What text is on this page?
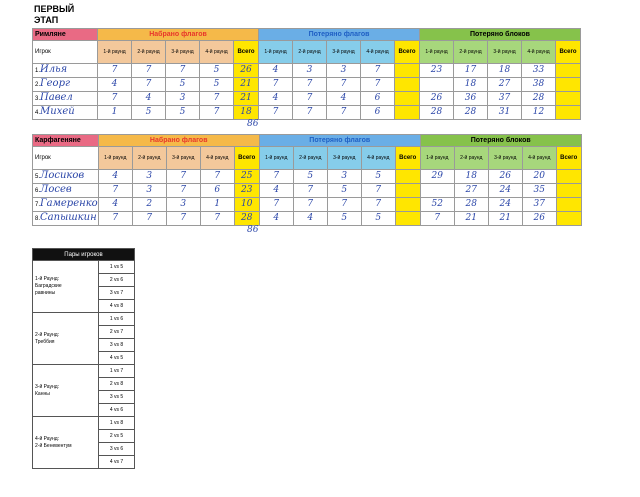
ПЕРВЫЙ
ЭТАП
Римляне	Набрано флагов					Потеряно флагов					Потеряно блоков				
Игрок	1-й раунд	2-й раунд	3-й раунд	4-й раунд	Всего	1-й раунд	2-й раунд	3-й раунд	4-й раунд	Всего	1-й раунд	2-й раунд	3-й раунд	4-й раунд	Всего
1.Илья	7	7	7	5	26	4	3	3	7		23	17	18	33	
2.Георг	4	7	5	5	21	7	7	7	7			18	27	38	
3.Павел	7	4	3	7	21	4	7	4	6		26	36	37	28	
4.Михей	1	5	5	7	18	7	7	7	6		28	28	31	12	
86
Карфагеняне	Набрано флагов					Потеряно флагов					Потеряно блоков				
Игрок	1-й раунд	2-й раунд	3-й раунд	4-й раунд	Всего	1-й раунд	2-й раунд	3-й раунд	4-й раунд	Всего	1-й раунд	2-й раунд	3-й раунд	4-й раунд	Всего
5.Лосиков	4	3	7	7	25	7	5	3	5		29	18	26	20	
6.Лосев	7	3	7	6	23	4	7	5	7			27	24	35	
7.Гамеренко	4	2	3	1	10	7	7	7	7		52	28	24	37	
8.Сапышкин	7	7	7	7	28	4	4	5	5		7	21	21	26	
86
Пары игроков	

1-й Раунд:
Баградские
равнины	1 vs 5
	2 vs 6
	3 vs 7
	4 vs 8

2-й Раунд:
Треббия	1 vs 6
	2 vs 7
	3 vs 8
	4 vs 5

3-й Раунд:
Канны	1 vs 7
	2 vs 8
	3 vs 5
	4 vs 6

4-й Раунд:
2-й Беневентум	1 vs 8
	2 vs 5
	3 vs 6
	4 vs 7
